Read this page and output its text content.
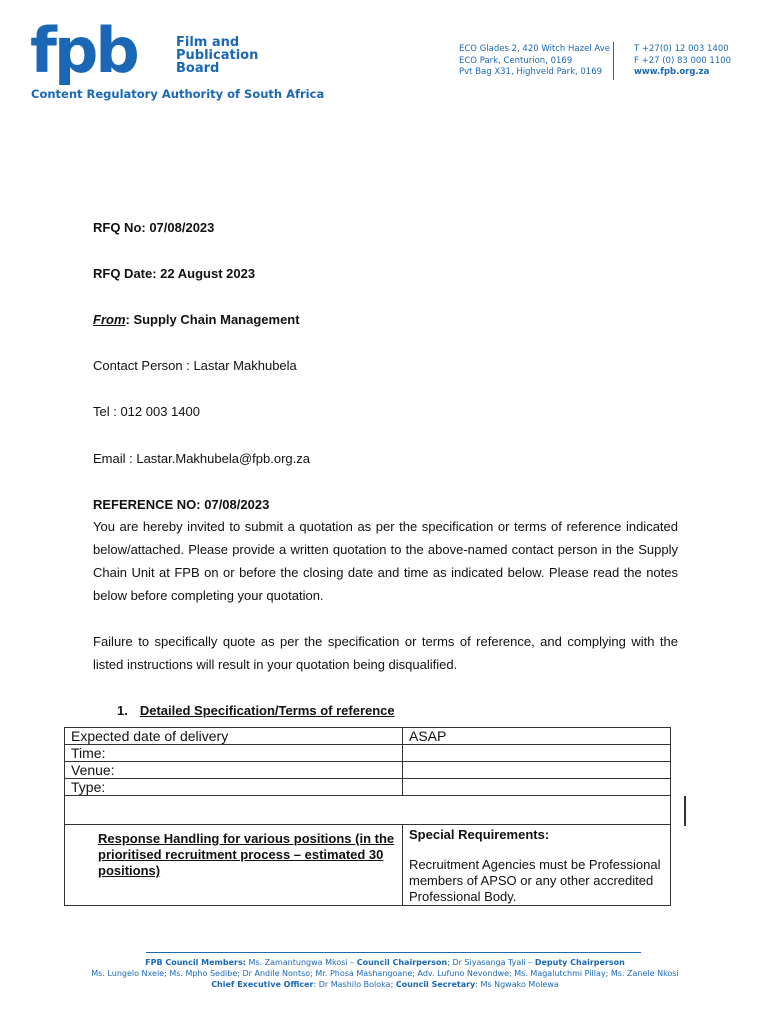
fpb	Film and
Publication
Board
Content Regulatory Authority of South Africa
ECO Glades 2, 420 Witch Hazel Ave
ECO Park, Centurion, 0169
Pvt Bag X31, Highveld Park, 0169
T +27(0) 12 003 1400
F +27 (0) 83 000 1100
www.fpb.org.za
RFQ No: 07/08/2023
RFQ Date: 22 August 2023
From: Supply Chain Management
Contact Person : Lastar Makhubela
Tel : 012 003 1400
Email : Lastar.Makhubela@fpb.org.za
REFERENCE NO: 07/08/2023
You are hereby invited to submit a quotation as per the specification or terms of reference indicated below/attached. Please provide a written quotation to the above-named contact person in the Supply Chain Unit at FPB on or before the closing date and time as indicated below. Please read the notes below before completing your quotation.
Failure to specifically quote as per the specification or terms of reference, and complying with the listed instructions will result in your quotation being disqualified.
1. Detailed Specification/Terms of reference
Expected date of delivery	ASAP
Time:	
Venue:	
Type:	

Response Handling for various positions (in the prioritised recruitment process – estimated 30 positions)	Special Requirements:
Recruitment Agencies must be Professional members of APSO or any other accredited Professional Body.
FPB Council Members: Ms. Zamantungwa Mkosi – Council Chairperson; Dr Siyasanga Tyali – Deputy Chairperson
Ms. Lungelo Nxele; Ms. Mpho Sedibe; Dr Andile Nontso; Mr. Phosa Mashangoane; Adv. Lufuno Nevondwe; Ms. Magalutchmi Pillay; Ms. Zanele Nkosi
Chief Executive Officer: Dr Mashilo Boloka; Council Secretary: Ms Ngwako Molewa
